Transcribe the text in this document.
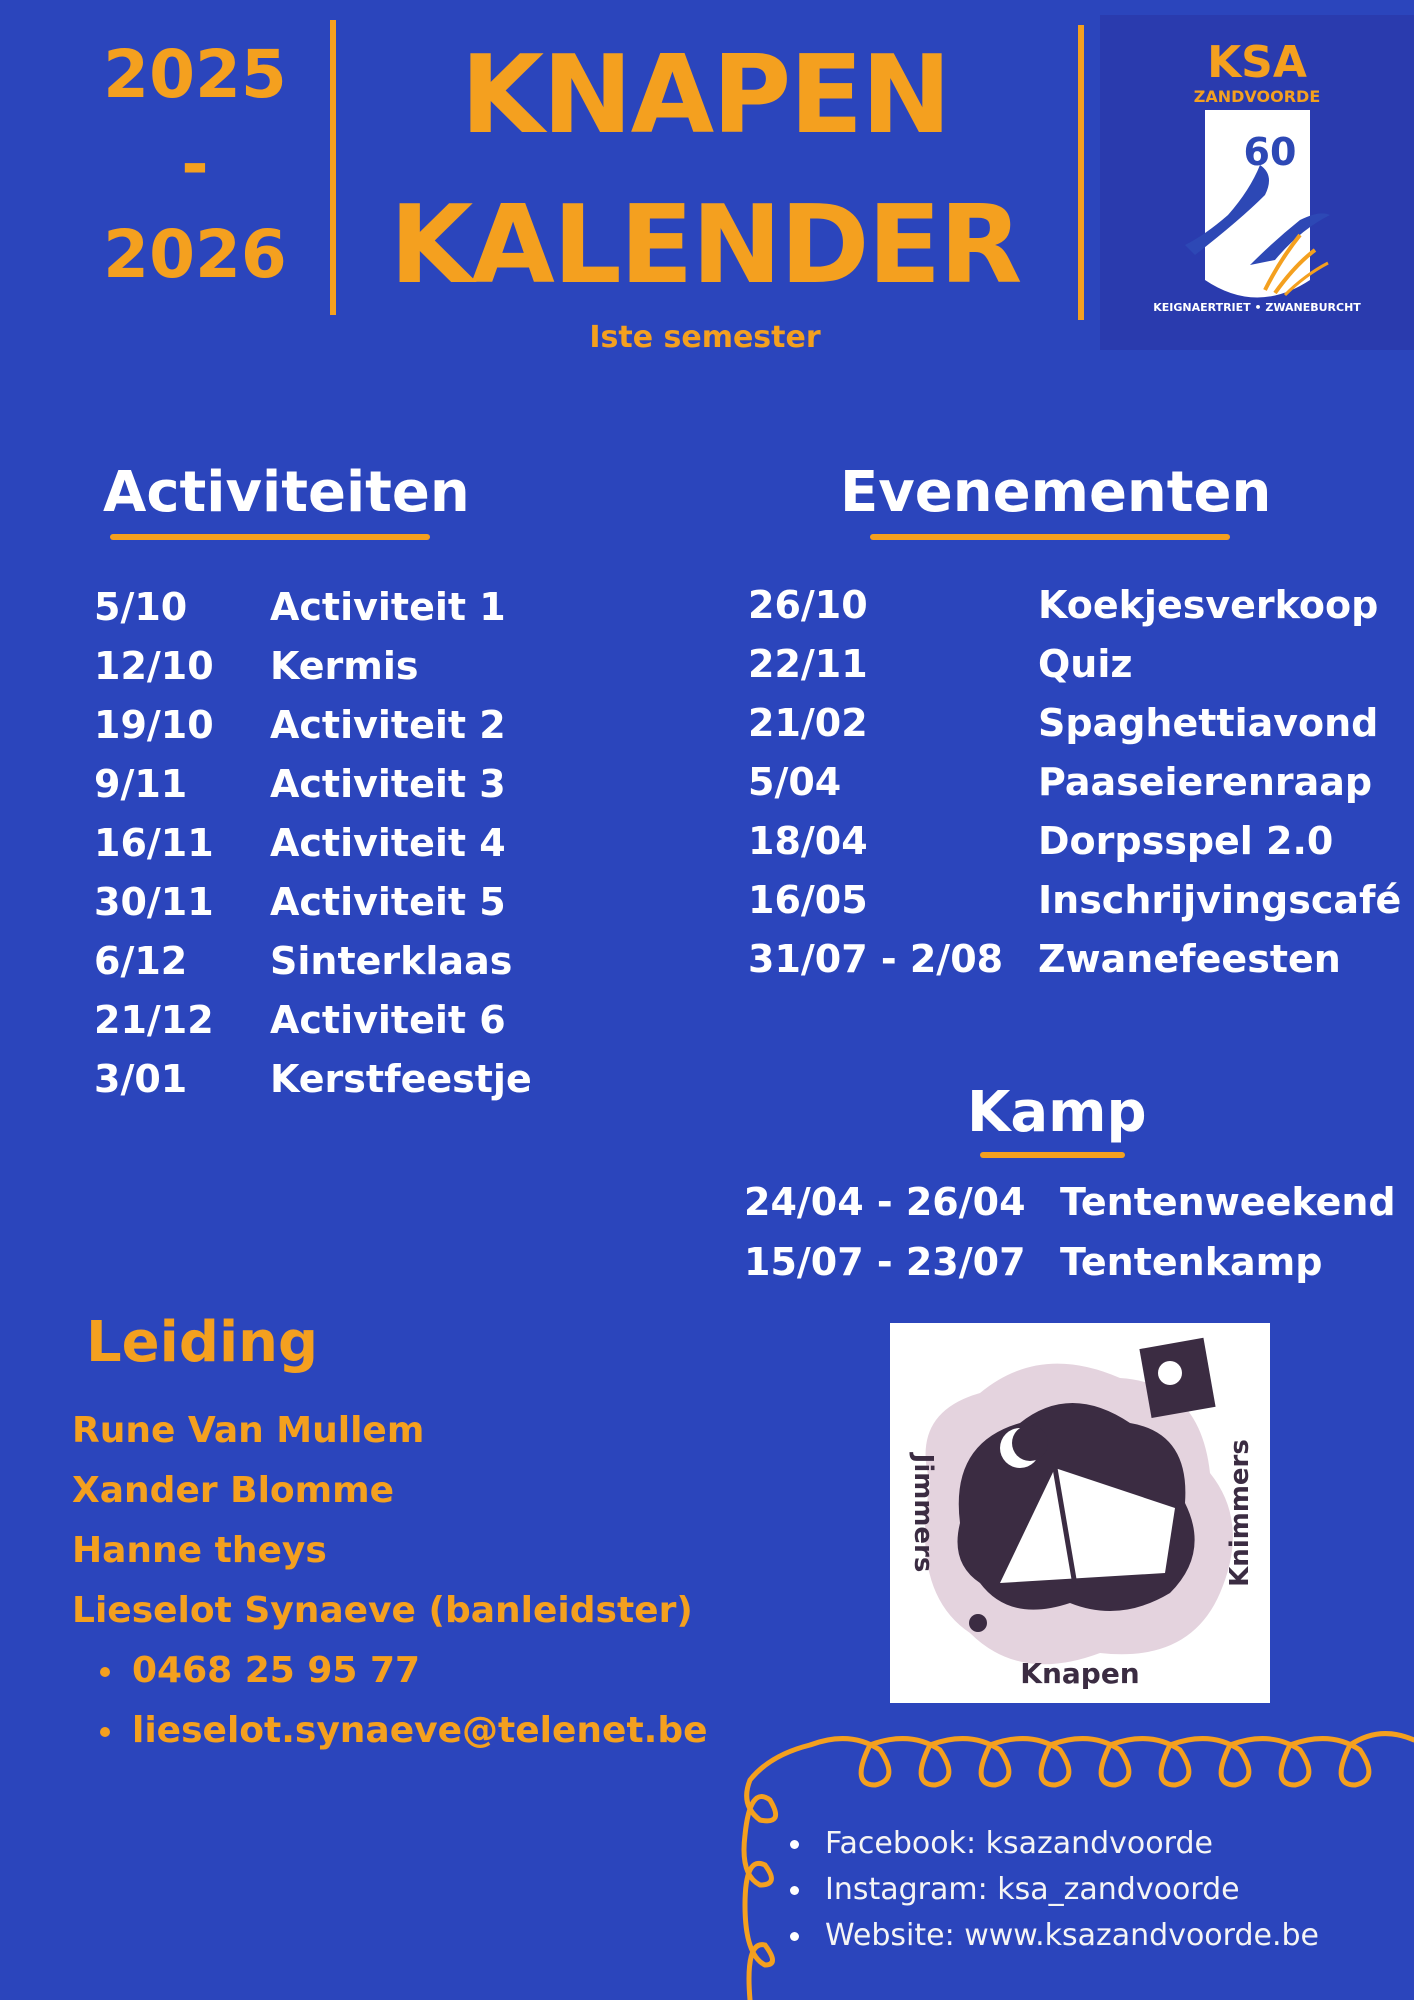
2025
-
2026
KNAPEN
KALENDER
Iste semester
KSA
ZANDVOORDE
60
KEIGNAERTRIET • ZWANEBURCHT
Activiteiten
5/10 Activiteit 1
12/10 Kermis
19/10 Activiteit 2
9/11 Activiteit 3
16/11 Activiteit 4
30/11 Activiteit 5
6/12 Sinterklaas
21/12 Activiteit 6
3/01 Kerstfeestje
Evenementen
26/10	Koekjesverkoop
22/11	Quiz
21/02	Spaghettiavond
5/04	Paaseierenraap
18/04	Dorpsspel 2.0
16/05	Inschrijvingscafé
31/07 - 2/08 Zwanefeesten
Kamp
24/04 - 26/04 Tentenweekend
15/07 - 23/07 Tentenkamp
Leiding
Rune Van Mullem
Xander Blomme
Hanne theys
Lieselot Synaeve (banleidster)
0468 25 95 77
lieselot.synaeve@telenet.be
Jimmers	Knimmers
Knapen
Facebook: ksazandvoorde
Instagram: ksa_zandvoorde
Website: www.ksazandvoorde.be
